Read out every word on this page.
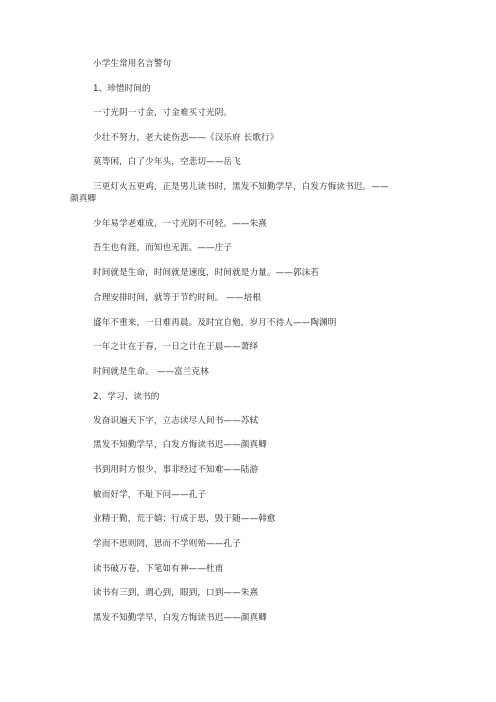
小学生常用名言警句
1、珍惜时间的
一寸光阴一寸金，寸金难买寸光阴。
少壮不努力，老大徒伤悲——《汉乐府 长歌行》
莫等闲，白了少年头，空悲切——岳飞
三更灯火五更鸡，正是男儿读书时，黑发不知勤学早，白发方悔读书迟。——
颜真卿
少年易学老难成，一寸光阴不可轻。——朱熹
吾生也有涯，而知也无涯。——庄子
时间就是生命，时间就是速度，时间就是力量。——郭沫若
合理安排时间，就等于节约时间。 ——培根
盛年不重来，一日难再晨。及时宜自勉，岁月不待人——陶渊明
一年之计在于春，一日之计在于晨——萧绎
时间就是生命。 ——富兰克林
2、学习、读书的
发奋识遍天下字，立志读尽人间书——苏轼
黑发不知勤学早，白发方悔读书迟——颜真卿
书到用时方恨少，事非经过不知难——陆游
敏而好学，不耻下问——孔子
业精于勤，荒于嬉；行成于思，毁于随——韩愈
学而不思则罔，思而不学则殆——孔子
读书破万卷，下笔如有神——杜甫
读书有三到，谓心到，眼到，口到——朱熹
黑发不知勤学早，白发方悔读书迟——颜真卿
